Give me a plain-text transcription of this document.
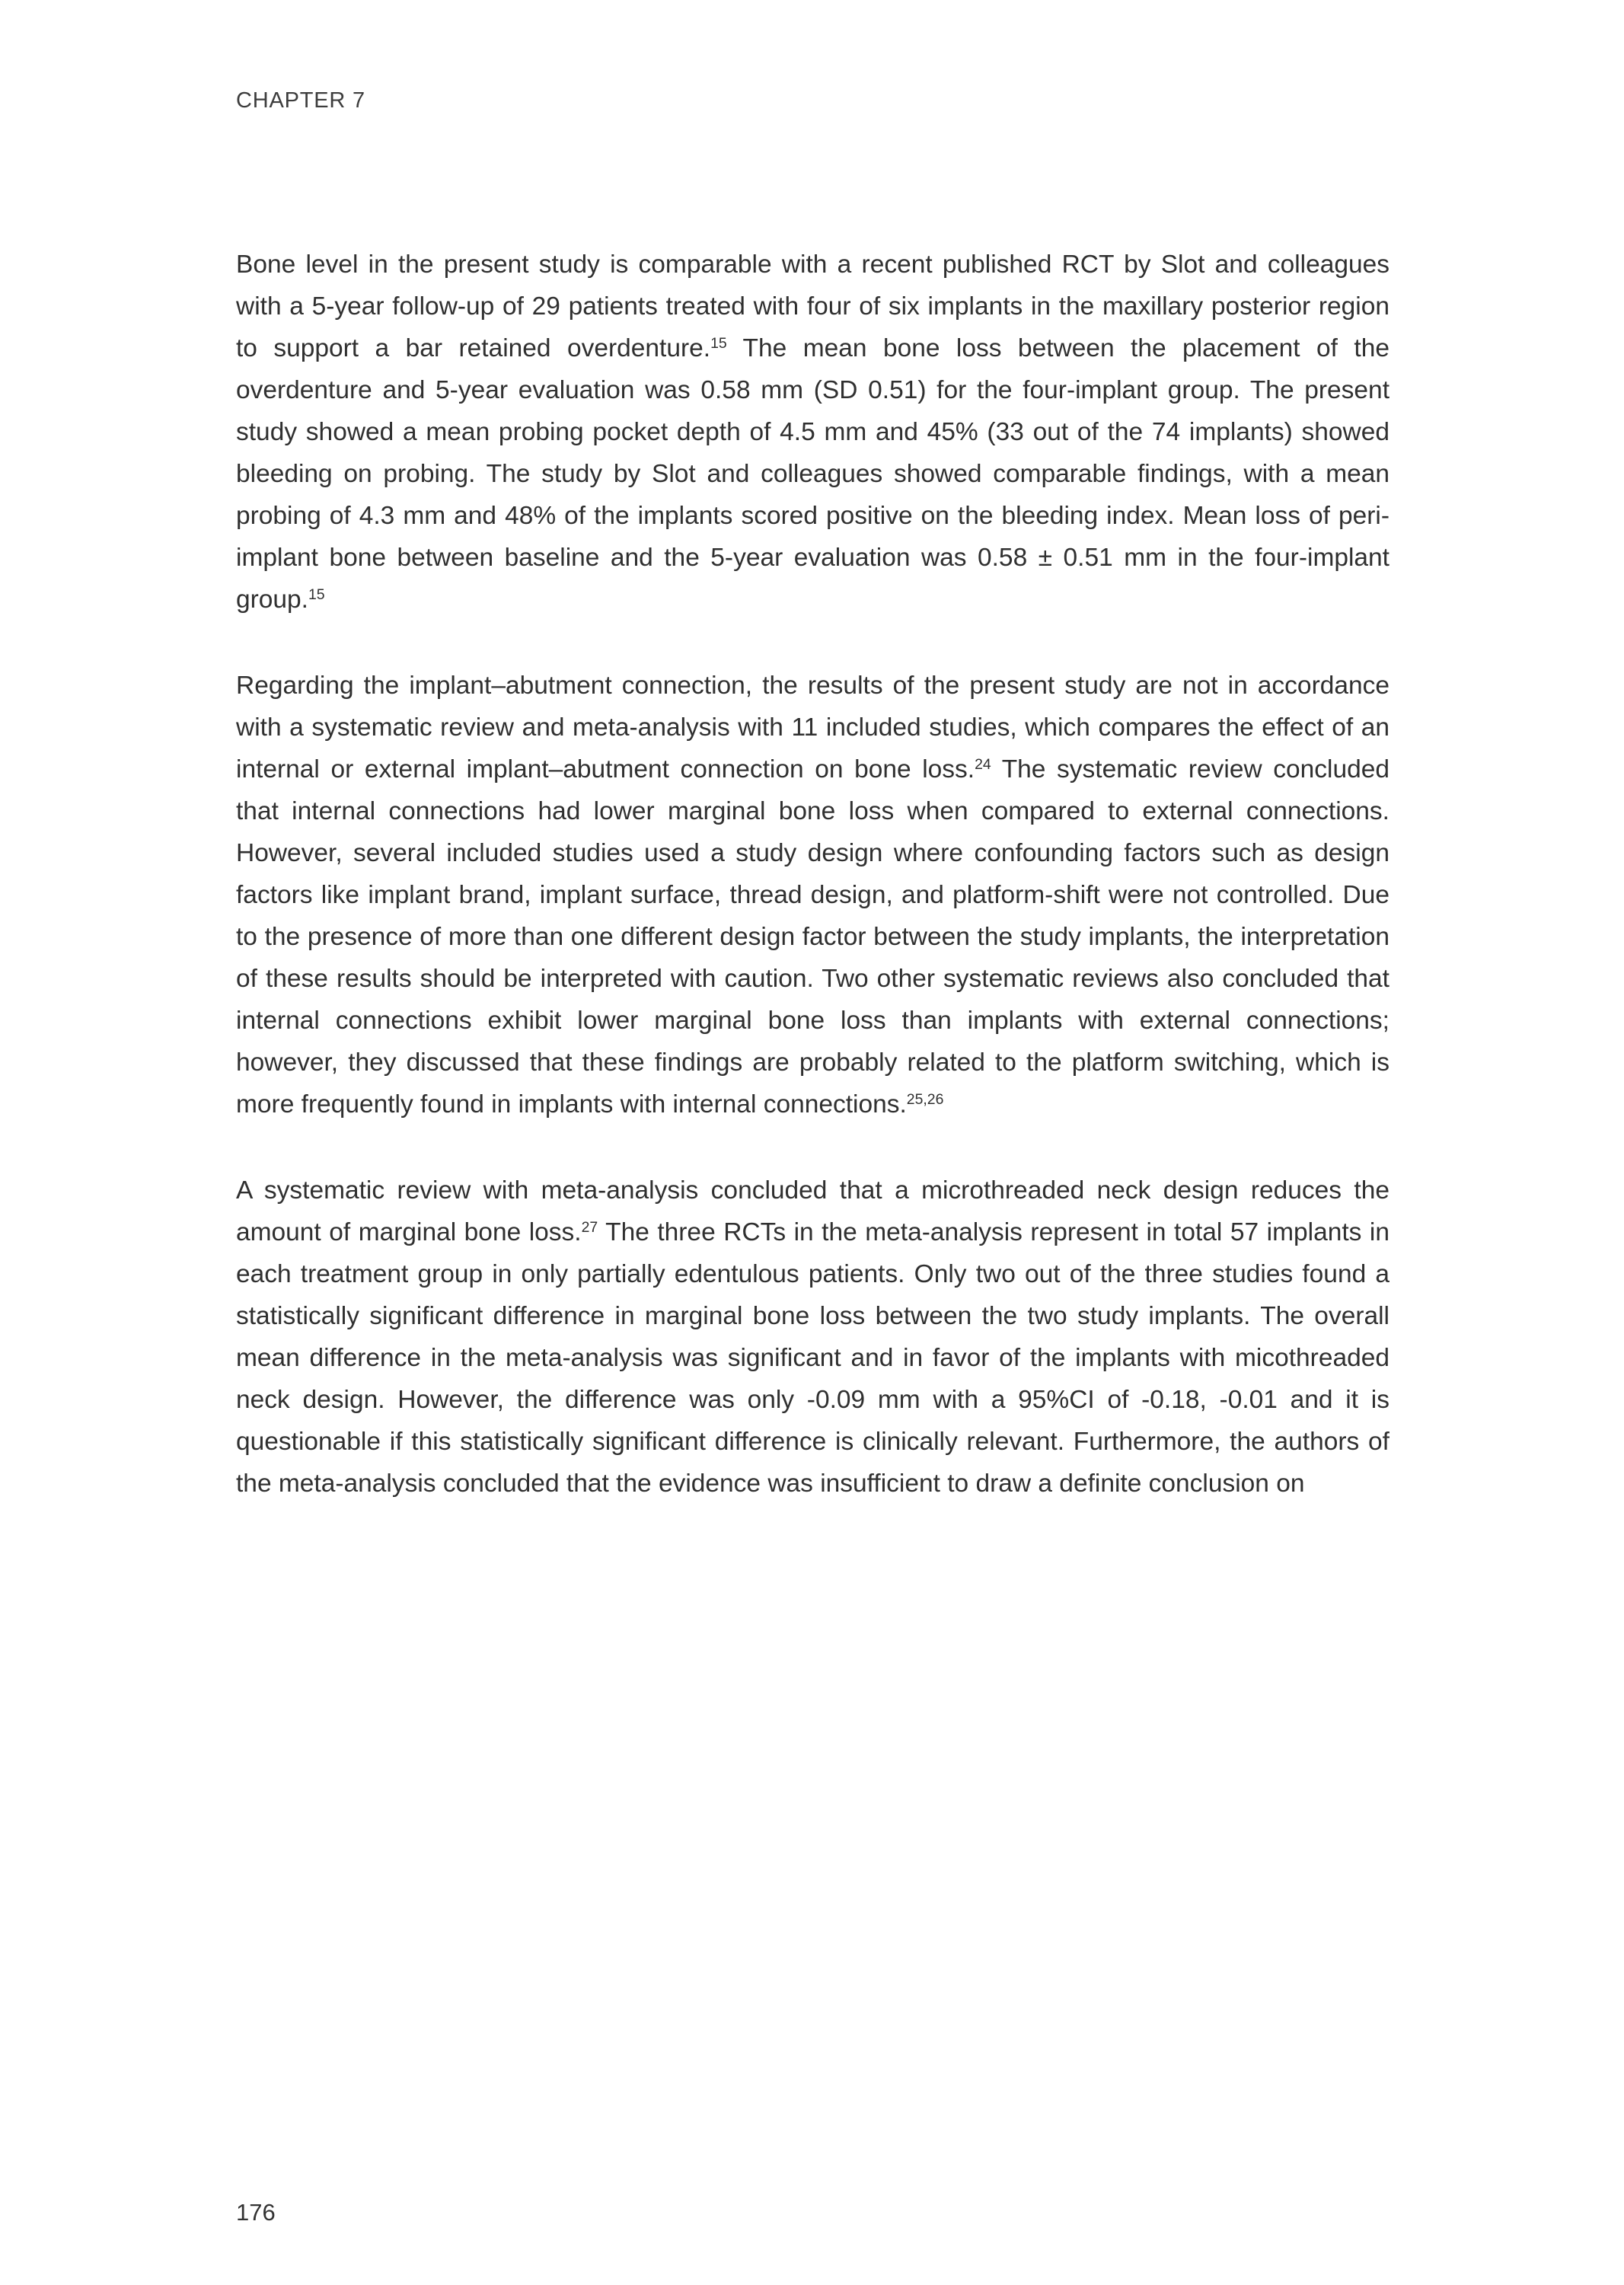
CHAPTER 7

Bone level in the present study is comparable with a recent published RCT by Slot and colleagues with a 5-year follow-up of 29 patients treated with four of six implants in the maxillary posterior region to support a bar retained overdenture.$^{15}$ The mean bone loss between the placement of the overdenture and 5-year evaluation was 0.58 mm (SD 0.51) for the four-implant group. The present study showed a mean probing pocket depth of 4.5 mm and 45% (33 out of the 74 implants) showed bleeding on probing. The study by Slot and colleagues showed comparable findings, with a mean probing of 4.3 mm and 48% of the implants scored positive on the bleeding index. Mean loss of peri-implant bone between baseline and the 5-year evaluation was 0.58 ± 0.51 mm in the four-implant group.$^{15}$

Regarding the implant–abutment connection, the results of the present study are not in accordance with a systematic review and meta-analysis with 11 included studies, which compares the effect of an internal or external implant–abutment connection on bone loss.$^{24}$ The systematic review concluded that internal connections had lower marginal bone loss when compared to external connections. However, several included studies used a study design where confounding factors such as design factors like implant brand, implant surface, thread design, and platform-shift were not controlled. Due to the presence of more than one different design factor between the study implants, the interpretation of these results should be interpreted with caution. Two other systematic reviews also concluded that internal connections exhibit lower marginal bone loss than implants with external connections; however, they discussed that these findings are probably related to the platform switching, which is more frequently found in implants with internal connections.$^{25,26}$

A systematic review with meta-analysis concluded that a microthreaded neck design reduces the amount of marginal bone loss.$^{27}$ The three RCTs in the meta-analysis represent in total 57 implants in each treatment group in only partially edentulous patients. Only two out of the three studies found a statistically significant difference in marginal bone loss between the two study implants. The overall mean difference in the meta-analysis was significant and in favor of the implants with micothreaded neck design. However, the difference was only -0.09 mm with a 95%CI of -0.18, -0.01 and it is questionable if this statistically significant difference is clinically relevant. Furthermore, the authors of the meta-analysis concluded that the evidence was insufficient to draw a definite conclusion on

176
